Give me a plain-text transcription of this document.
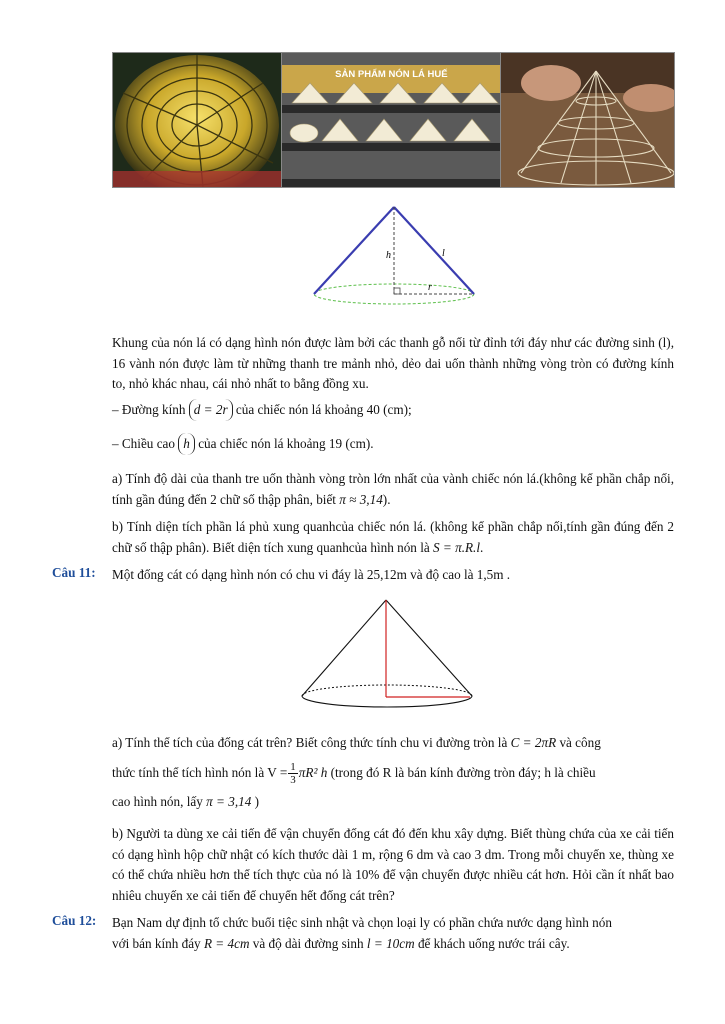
SẢN PHẨM NÓN LÁ HUẾ
h	l
r
Khung của nón lá có dạng hình nón được làm bởi các thanh gỗ nối từ đỉnh tới đáy như các đường sinh (l), 16 vành nón được làm từ những thanh tre mảnh nhỏ, dẻo dai uốn thành những vòng tròn có đường kính to, nhỏ khác nhau, cái nhỏ nhất to bằng đồng xu.
– Đường kính d = 2r của chiếc nón lá khoảng 40 (cm);
– Chiều cao h của chiếc nón lá khoảng 19 (cm).
a) Tính độ dài của thanh tre uốn thành vòng tròn lớn nhất của vành chiếc nón lá.(không kể phần chắp nối, tính gần đúng đến 2 chữ số thập phân, biết π ≈ 3,14).
b) Tính diện tích phần lá phủ xung quanhcủa chiếc nón lá. (không kể phần chắp nối,tính gần đúng đến 2 chữ số thập phân). Biết diện tích xung quanhcủa hình nón là S = π.R.l.
Câu 11: Một đống cát có dạng hình nón có chu vi đáy là 25,12m và độ cao là 1,5m .
a) Tính thể tích của đống cát trên? Biết công thức tính chu vi đường tròn là C = 2πR và công
thức tính thể tích hình nón là $V = \frac{1}{3} \pi R^2$ h (trong đó R là bán kính đường tròn đáy; h là chiều
cao hình nón, lấy π = 3,14 )
b) Người ta dùng xe cải tiến để vận chuyển đống cát đó đến khu xây dựng. Biết thùng chứa của xe cải tiến có dạng hình hộp chữ nhật có kích thước dài 1 m, rộng 6 dm và cao 3 dm. Trong mỗi chuyến xe, thùng xe có thể chứa nhiều hơn thể tích thực của nó là 10% để vận chuyển được nhiều cát hơn. Hỏi cần ít nhất bao nhiêu chuyến xe cải tiến để chuyển hết đống cát trên?
Câu 12: Bạn Nam dự định tổ chức buổi tiệc sinh nhật và chọn loại ly có phần chứa nước dạng hình nón
với bán kính đáy R = 4cm và độ dài đường sinh l = 10cm để khách uống nước trái cây.
